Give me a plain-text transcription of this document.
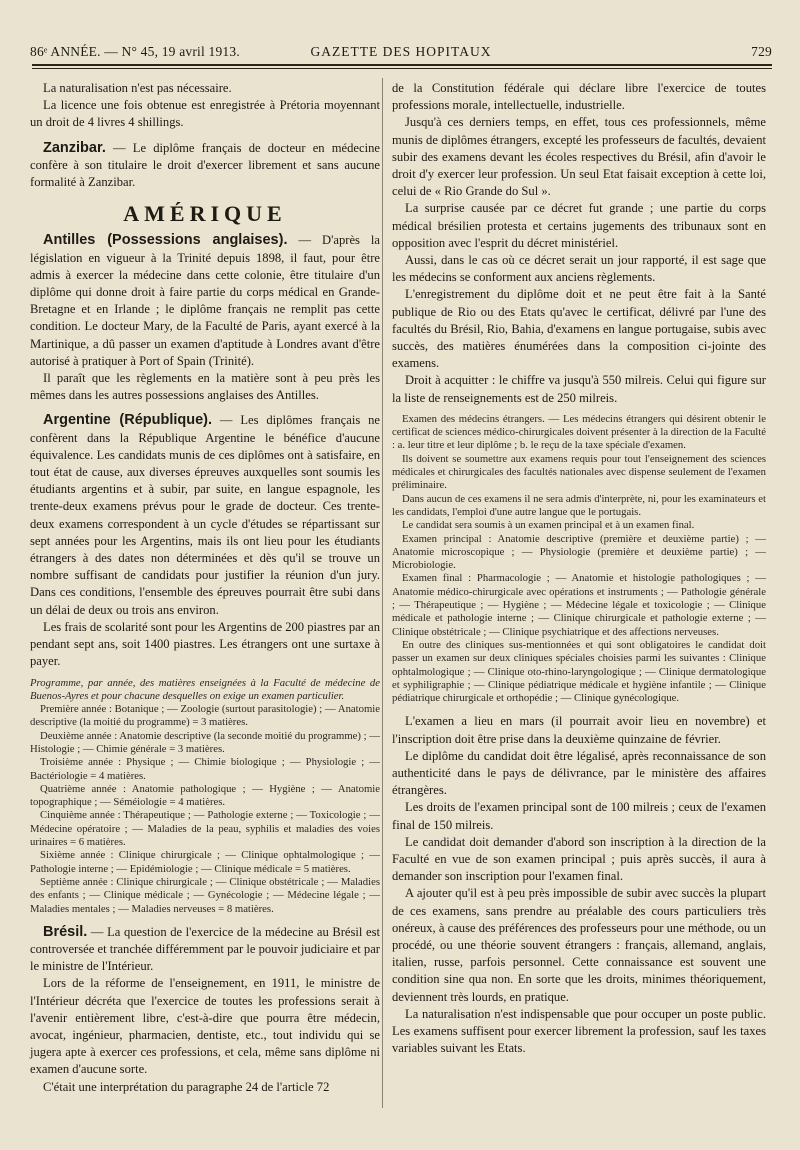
86ᵉ ANNÉE. — N° 45, 19 avril 1913.	GAZETTE DES HOPITAUX	729

La naturalisation n'est pas nécessaire.

La licence une fois obtenue est enregistrée à Prétoria moyennant un droit de 4 livres 4 shillings.

Zanzibar. — Le diplôme français de docteur en médecine confère à son titulaire le droit d'exercer librement et sans aucune formalité à Zanzibar.

AMÉRIQUE

Antilles (Possessions anglaises). — D'après la législation en vigueur à la Trinité depuis 1898, il faut, pour être admis à exercer la médecine dans cette colonie, être titulaire d'un diplôme qui donne droit à faire partie du corps médical en Grande-Bretagne et en Irlande ; le diplôme français ne remplit pas cette condition. Le docteur Mary, de la Faculté de Paris, ayant exercé à la Martinique, a dû passer un examen d'aptitude à Londres avant d'être autorisé à pratiquer à Port of Spain (Trinité).

Il paraît que les règlements en la matière sont à peu près les mêmes dans les autres possessions anglaises des Antilles.

Argentine (République). — Les diplômes français ne confèrent dans la République Argentine le bénéfice d'aucune équivalence. Les candidats munis de ces diplômes ont à satisfaire, en tout état de cause, aux diverses épreuves auxquelles sont soumis les étudiants argentins et à subir, par suite, en langue espagnole, les trente-deux examens prévus pour le grade de docteur. Ces trente-deux examens correspondent à un cycle d'études se répartissant sur sept années pour les Argentins, mais ils ont lieu pour les étudiants étrangers à des dates non déterminées et dès qu'il se trouve un nombre suffisant de candidats pour justifier la réunion d'un jury. Dans ces conditions, l'ensemble des épreuves pourrait être subi dans un délai de deux ou trois ans environ.

Les frais de scolarité sont pour les Argentins de 200 piastres par an pendant sept ans, soit 1400 piastres. Les étrangers ont une surtaxe à payer.

Programme, par année, des matières enseignées à la Faculté de médecine de Buenos-Ayres et pour chacune desquelles on exige un examen particulier.

Première année : Botanique ; — Zoologie (surtout parasitologie) ; — Anatomie descriptive (la moitié du programme) = 3 matières.

Deuxième année : Anatomie descriptive (la seconde moitié du programme) ; — Histologie ; — Chimie générale = 3 matières.

Troisième année : Physique ; — Chimie biologique ; — Physiologie ; — Bactériologie = 4 matières.

Quatrième année : Anatomie pathologique ; — Hygiène ; — Anatomie topographique ; — Séméiologie = 4 matières.

Cinquième année : Thérapeutique ; — Pathologie externe ; — Toxicologie ; — Médecine opératoire ; — Maladies de la peau, syphilis et maladies des voies urinaires = 6 matières.

Sixième année : Clinique chirurgicale ; — Clinique ophtalmologique ; — Pathologie interne ; — Epidémiologie ; — Clinique médicale = 5 matières.

Septième année : Clinique chirurgicale ; — Clinique obstétricale ; — Maladies des enfants ; — Clinique médicale ; — Gynécologie ; — Médecine légale ; — Maladies mentales ; — Maladies nerveuses = 8 matières.

Brésil. — La question de l'exercice de la médecine au Brésil est controversée et tranchée différemment par le pouvoir judiciaire et par le ministre de l'Intérieur.

Lors de la réforme de l'enseignement, en 1911, le ministre de l'Intérieur décréta que l'exercice de toutes les professions serait à l'avenir entièrement libre, c'est-à-dire que pourra être médecin, avocat, ingénieur, pharmacien, dentiste, etc., tout individu qui se jugera apte à exercer ces professions, et cela, même sans diplôme ni examen d'aucune sorte.

C'était une interprétation du paragraphe 24 de l'article 72

de la Constitution fédérale qui déclare libre l'exercice de toutes professions morale, intellectuelle, industrielle.

Jusqu'à ces derniers temps, en effet, tous ces professionnels, même munis de diplômes étrangers, excepté les professeurs de facultés, devaient subir des examens devant les écoles respectives du Brésil, afin d'avoir le droit d'y exercer leur profession. Un seul Etat faisait exception à cette loi, celui de « Rio Grande do Sul ».

La surprise causée par ce décret fut grande ; une partie du corps médical brésilien protesta et certains jugements des tribunaux sont en opposition avec l'esprit du décret ministériel.

Aussi, dans le cas où ce décret serait un jour rapporté, il est sage que les médecins se conforment aux anciens règlements.

L'enregistrement du diplôme doit et ne peut être fait à la Santé publique de Rio ou des Etats qu'avec le certificat, délivré par l'une des facultés du Brésil, Rio, Bahia, d'examens en langue portugaise, subis avec succès, des matières énumérées dans la composition ci-jointe des examens.

Droit à acquitter : le chiffre va jusqu'à 550 milreis. Celui qui figure sur la liste de renseignements est de 250 milreis.

Examen des médecins étrangers. — Les médecins étrangers qui désirent obtenir le certificat de sciences médico-chirurgicales doivent présenter à la direction de la Faculté : a. leur titre et leur diplôme ; b. le reçu de la taxe spéciale d'examen.

Ils doivent se soumettre aux examens requis pour tout l'enseignement des sciences médicales et chirurgicales des facultés nationales avec dispense seulement de l'examen préliminaire.

Dans aucun de ces examens il ne sera admis d'interprète, ni, pour les examinateurs et les candidats, l'emploi d'une autre langue que le portugais.

Le candidat sera soumis à un examen principal et à un examen final.

Examen principal : Anatomie descriptive (première et deuxième partie) ; — Anatomie microscopique ; — Physiologie (première et deuxième partie) ; — Microbiologie.

Examen final : Pharmacologie ; — Anatomie et histologie pathologiques ; — Anatomie médico-chirurgicale avec opérations et instruments ; — Pathologie générale ; — Thérapeutique ; — Hygiène ; — Médecine légale et toxicologie ; — Clinique médicale et pathologie interne ; — Clinique chirurgicale et pathologie externe ; — Clinique obstétricale ; — Clinique psychiatrique et des affections nerveuses.

En outre des cliniques sus-mentionnées et qui sont obligatoires le candidat doit passer un examen sur deux cliniques spéciales choisies parmi les suivantes : Clinique ophtalmologique ; — Clinique oto-rhino-laryngologique ; — Clinique dermatologique et syphiligraphie ; — Clinique pédiatrique médicale et hygiène infantile ; — Clinique pédiatrique chirurgicale et orthopédie ; — Clinique gynécologique.

L'examen a lieu en mars (il pourrait avoir lieu en novembre) et l'inscription doit être prise dans la deuxième quinzaine de février.

Le diplôme du candidat doit être légalisé, après reconnaissance de son authenticité dans le pays de délivrance, par le ministère des affaires étrangères.

Les droits de l'examen principal sont de 100 milreis ; ceux de l'examen final de 150 milreis.

Le candidat doit demander d'abord son inscription à la direction de la Faculté en vue de son examen principal ; puis après succès, il aura à demander son inscription pour l'examen final.

A ajouter qu'il est à peu près impossible de subir avec succès la plupart de ces examens, sans prendre au préalable des cours particuliers très onéreux, à cause des préférences des professeurs pour une méthode, ou un procédé, ou une théorie souvent étrangers : français, allemand, anglais, italien, russe, parfois personnel. Cette connaissance est souvent une condition sine qua non. En sorte que les droits, minimes théoriquement, deviennent très lourds, en pratique.

La naturalisation n'est indispensable que pour occuper un poste public. Les examens suffisent pour exercer librement la profession, sauf les taxes variables suivant les Etats.
